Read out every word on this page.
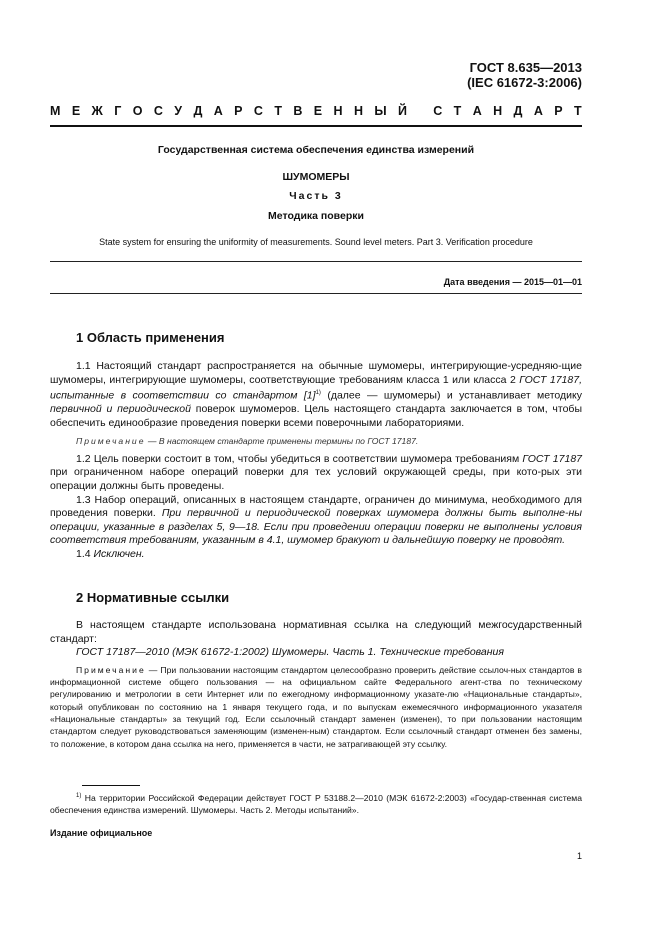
ГОСТ 8.635—2013
(IEC 61672-3:2006)
М Е Ж Г О С У Д А Р С Т В Е Н Н Ы Й
С Т А Н Д А Р Т
Государственная система обеспечения единства измерений
ШУМОМЕРЫ
Часть 3
Методика поверки
State system for ensuring the uniformity of measurements. Sound level meters. Part 3. Verification procedure
Дата введения — 2015—01—01
1 Область применения

1.1 Настоящий стандарт распространяется на обычные шумомеры, интегрирующие-усредняю-щие шумомеры, интегрирующие шумомеры, соответствующие требованиям класса 1 или класса 2 ГОСТ 17187, испытанные в соответствии со стандартом $[1]^{1)}$ (далее — шумомеры) и устанавливает методику первичной и периодической поверок шумомеров. Цель настоящего стандарта заключается в том, чтобы обеспечить единообразие проведения поверки всеми поверочными лабораториями.

Примечание — В настоящем стандарте применены термины по ГОСТ 17187.

1.2 Цель поверки состоит в том, чтобы убедиться в соответствии шумомера требованиям ГОСТ 17187 при ограниченном наборе операций поверки для тех условий окружающей среды, при кото-рых эти операции должны быть проведены.

1.3 Набор операций, описанных в настоящем стандарте, ограничен до минимума, необходимого для проведения поверки. При первичной и периодической поверках шумомера должны быть выполне-ны операции, указанные в разделах 5, 9—18. Если при проведении операции поверки не выполнены условия соответствия требованиям, указанным в 4.1, шумомер бракуют и дальнейшую поверку не проводят.

1.4 Исключен.

2 Нормативные ссылки

В настоящем стандарте использована нормативная ссылка на следующий межгосударственный стандарт:

ГОСТ 17187—2010 (МЭК 61672-1:2002) Шумомеры. Часть 1. Технические требования

Примечание — При пользовании настоящим стандартом целесообразно проверить действие ссылоч-ных стандартов в информационной системе общего пользования — на официальном сайте Федерального агент-ства по техническому регулированию и метрологии в сети Интернет или по ежегодному информационному указате-лю «Национальные стандарты», который опубликован по состоянию на 1 января текущего года, и по выпускам ежемесячного информационного указателя «Национальные стандарты» за текущий год. Если ссылочный стандарт заменен (изменен), то при пользовании настоящим стандартом следует руководствоваться заменяющим (изменен-ным) стандартом. Если ссылочный стандарт отменен без замены, то положение, в котором дана ссылка на него, применяется в части, не затрагивающей эту ссылку.

$^{1)}$ На территории Российской Федерации действует ГОСТ Р 53188.2—2010 (МЭК 61672-2:2003) «Государ-ственная система обеспечения единства измерений. Шумомеры. Часть 2. Методы испытаний».

Издание официальное
1
